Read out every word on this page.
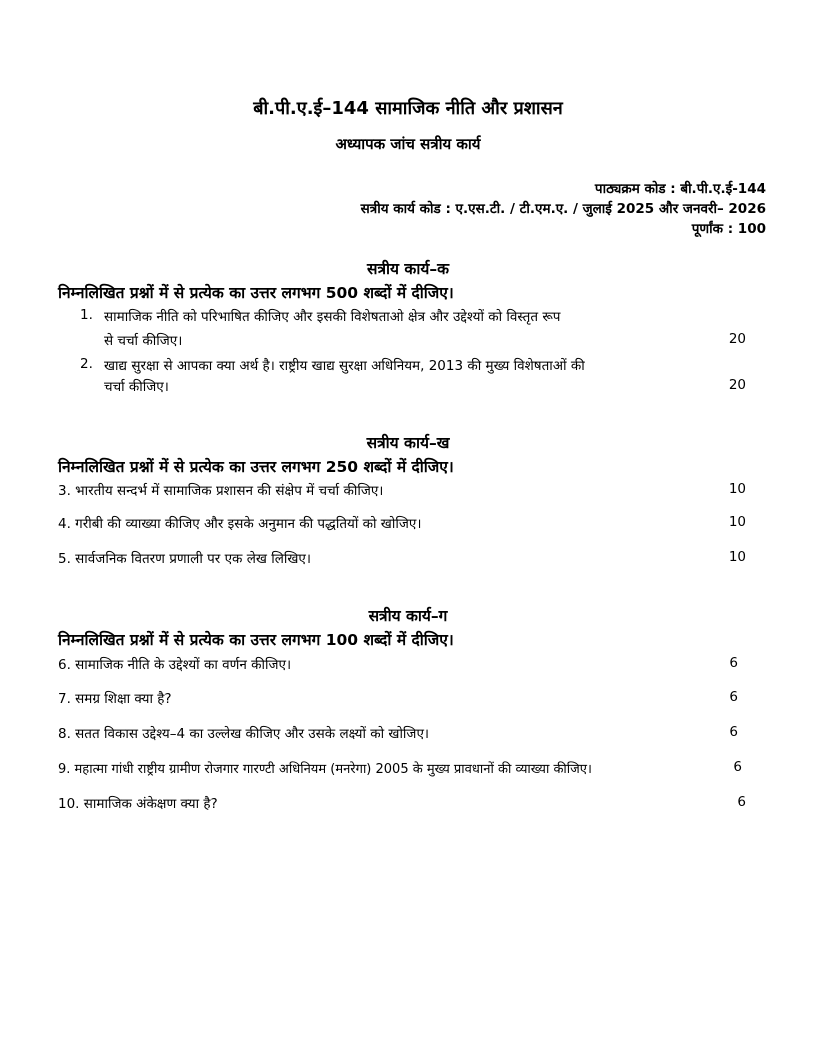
बी.पी.ए.ई–144 सामाजिक नीति और प्रशासन
अध्यापक जांच सत्रीय कार्य
पाठ्यक्रम कोड : बी.पी.ए.ई-144
सत्रीय कार्य कोड : ए.एस.टी. / टी.एम.ए. / जुलाई 2025 और जनवरी– 2026
पूर्णांक : 100
सत्रीय कार्य–क
निम्नलिखित प्रश्नों में से प्रत्येक का उत्तर लगभग 500 शब्दों में दीजिए।
1. सामाजिक नीति को परिभाषित कीजिए और इसकी विशेषताओ क्षेत्र और उद्देश्यों को विस्तृत रूप
से चर्चा कीजिए।	20
2. खाद्य सुरक्षा से आपका क्या अर्थ है। राष्ट्रीय खाद्य सुरक्षा अधिनियम, 2013 की मुख्य विशेषताओं की
चर्चा कीजिए।	20
सत्रीय कार्य–ख
निम्नलिखित प्रश्नों में से प्रत्येक का उत्तर लगभग 250 शब्दों में दीजिए।
3. भारतीय सन्दर्भ में सामाजिक प्रशासन की संक्षेप में चर्चा कीजिए।	10
4. गरीबी की व्याख्या कीजिए और इसके अनुमान की पद्धतियों को खोजिए।	10
5. सार्वजनिक वितरण प्रणाली पर एक लेख लिखिए।	10
सत्रीय कार्य–ग
निम्नलिखित प्रश्नों में से प्रत्येक का उत्तर लगभग 100 शब्दों में दीजिए।
6. सामाजिक नीति के उद्देश्यों का वर्णन कीजिए।	6
7. समग्र शिक्षा क्या है?	6
8. सतत विकास उद्देश्य–4 का उल्लेख कीजिए और उसके लक्ष्यों को खोजिए।	6
9. महात्मा गांधी राष्ट्रीय ग्रामीण रोजगार गारण्टी अधिनियम (मनरेगा) 2005 के मुख्य प्रावधानों की व्याख्या कीजिए।	6
10. सामाजिक अंकेक्षण क्या है?	6
